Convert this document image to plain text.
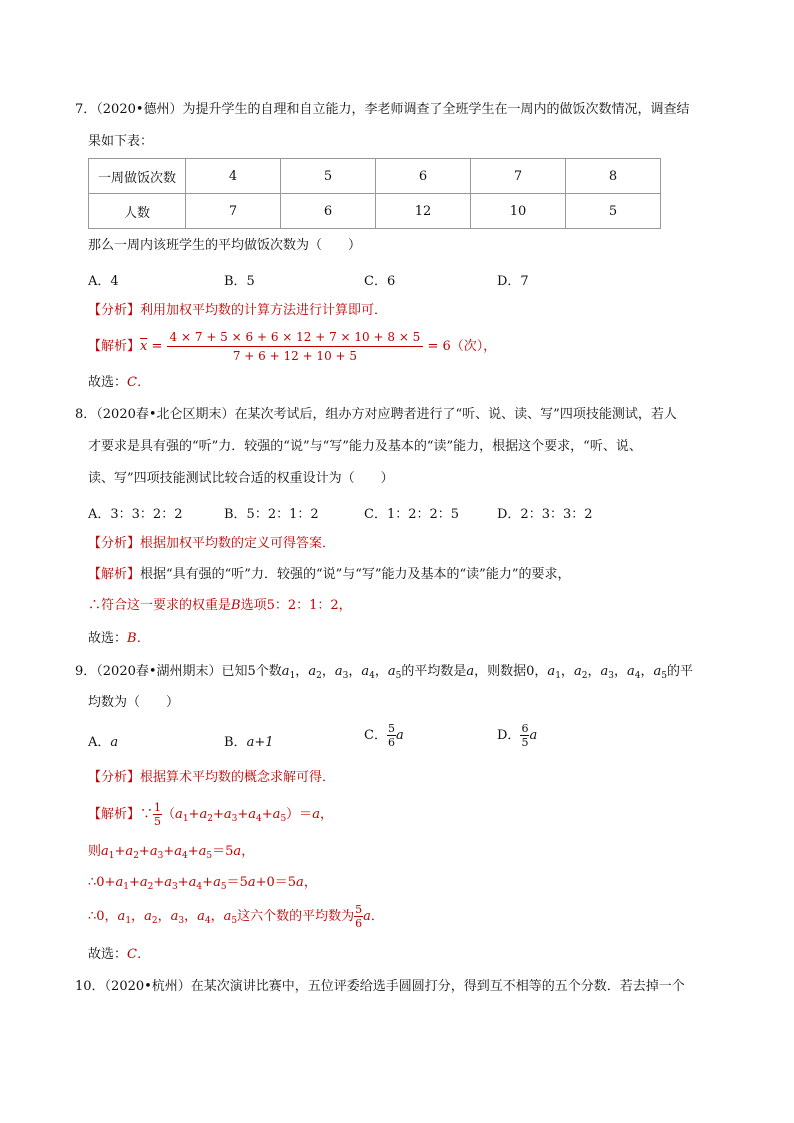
7．（2020•德州）为提升学生的自理和自立能力，李老师调查了全班学生在一周内的做饭次数情况，调查结
果如下表：
一周做饭次数	4	5	6	7	8
人数	7	6	12	10	5
那么一周内该班学生的平均做饭次数为（　　）
A．4	B．5	C．6	D．7
【分析】利用加权平均数的计算方法进行计算即可．
【解析】$\overline{x} = \frac{4 \times 7 + 5 \times 6 + 6 \times 12 + 7 \times 10 + 8 \times 5}{7 + 6 + 12 + 10 + 5} = 6$（次），
故选：C．
8．（2020春•北仑区期末）在某次考试后，组办方对应聘者进行了“听、说、读、写”四项技能测试，若人
才要求是具有强的“听”力．较强的“说”与“写”能力及基本的“读”能力，根据这个要求，“听、说、
读、写”四项技能测试比较合适的权重设计为（　　）
A．3：3：2：2	B．5：2：1：2	C．1：2：2：5	D．2：3：3：2
【分析】根据加权平均数的定义可得答案．
【解析】根据“具有强的“听”力．较强的“说”与“写”能力及基本的“读”能力”的要求，
∴符合这一要求的权重是B选项5：2：1：2，
故选：B．
9．（2020春•湖州期末）已知5个数$a_1$，$a_2$，$a_3$，$a_4$，$a_5$的平均数是a，则数据0，$a_1$，$a_2$，$a_3$，$a_4$，$a_5$的平
均数为（　　）
A．a	B．a+1	C． $\frac{5}{6}$ a	D． $\frac{6}{5}$ a
【分析】根据算术平均数的概念求解可得．
【解析】∵ $\frac{1}{5} (a_1+a_2+a_3+a_4+a_5)=a$，
则$a_1+a_2+a_3+a_4+a_5=5a$，
$\therefore 0+a_1+a_2+a_3+a_4+a_5=5a+0=5a$，
∴0，$a_1$，$a_2$，$a_3$，$a_4$，$a_5$这六个数的平均数为 $\frac{5}{6}$ a．
故选：C．
10．（2020•杭州）在某次演讲比赛中，五位评委给选手圆圆打分，得到互不相等的五个分数．若去掉一个
